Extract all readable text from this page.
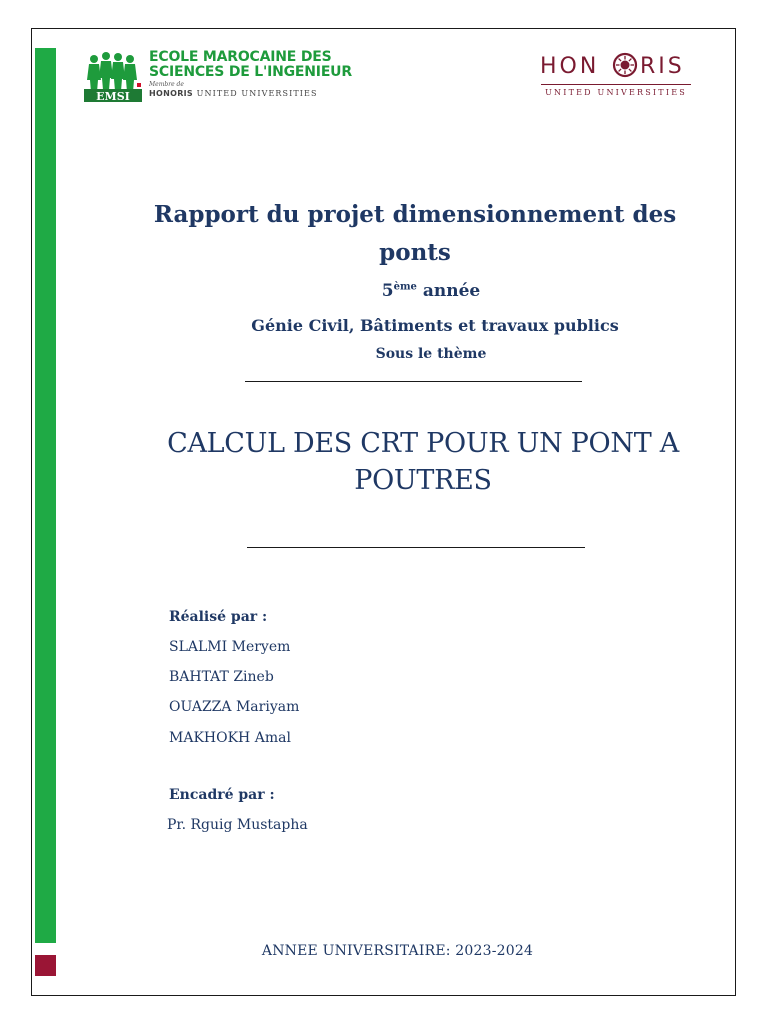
EMSI
ECOLE MAROCAINE DES
SCIENCES DE L'INGENIEUR
Membre de
HONORIS UNITED UNIVERSITIES
HON RIS
UNITED UNIVERSITIES
Rapport du projet dimensionnement des
ponts
5ème année
Génie Civil, Bâtiments et travaux publics
Sous le thème
CALCUL DES CRT POUR UN PONT A
POUTRES
Réalisé par :
SLALMI Meryem
BAHTAT Zineb
OUAZZA Mariyam
MAKHOKH Amal
Encadré par :
Pr. Rguig Mustapha
ANNEE UNIVERSITAIRE: 2023-2024
